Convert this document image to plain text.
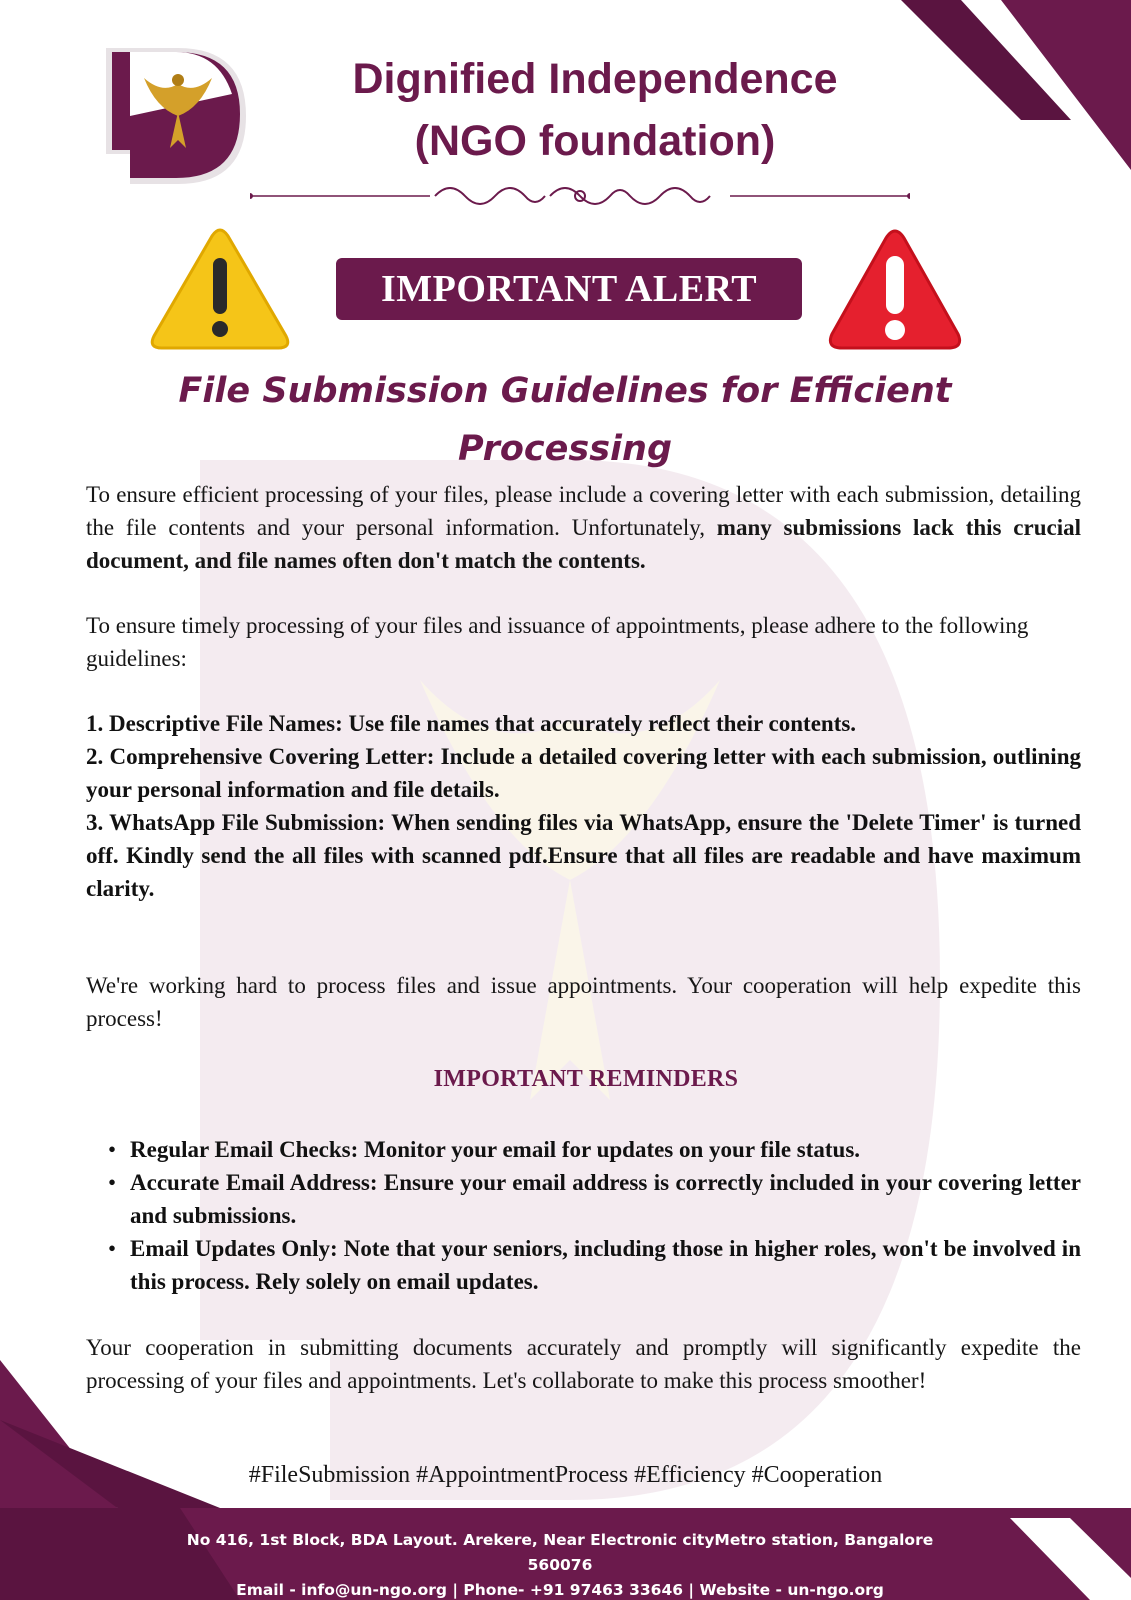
Dignified Independence
(NGO foundation)
IMPORTANT ALERT
File Submission Guidelines for Efficient
Processing

To ensure efficient processing of your files, please include a covering letter with each submission, detailing the file contents and your personal information. Unfortunately, many submissions lack this crucial document, and file names often don't match the contents.

To ensure timely processing of your files and issuance of appointments, please adhere to the following guidelines:

1. Descriptive File Names: Use file names that accurately reflect their contents.
2. Comprehensive Covering Letter: Include a detailed covering letter with each submission, outlining your personal information and file details.
3. WhatsApp File Submission: When sending files via WhatsApp, ensure the 'Delete Timer' is turned off. Kindly send the all files with scanned pdf.Ensure that all files are readable and have maximum clarity.

We're working hard to process files and issue appointments. Your cooperation will help expedite this process!

IMPORTANT REMINDERS
• Regular Email Checks: Monitor your email for updates on your file status.
• Accurate Email Address: Ensure your email address is correctly included in your covering letter and submissions.
• Email Updates Only: Note that your seniors, including those in higher roles, won't be involved in this process. Rely solely on email updates.

Your cooperation in submitting documents accurately and promptly will significantly expedite the processing of your files and appointments. Let's collaborate to make this process smoother!

#FileSubmission #AppointmentProcess #Efficiency #Cooperation
No 416, 1st Block, BDA Layout. Arekere, Near Electronic cityMetro station, Bangalore 560076
Email - info@un-ngo.org | Phone- +91 97463 33646 | Website - un-ngo.org
